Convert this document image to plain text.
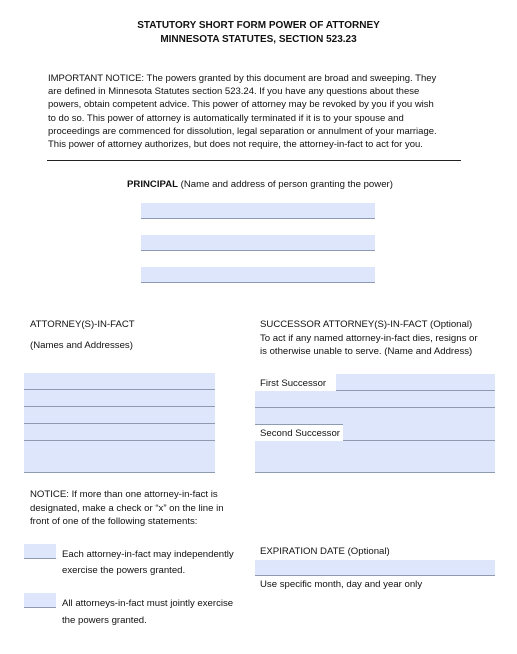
STATUTORY SHORT FORM POWER OF ATTORNEY
MINNESOTA STATUTES, SECTION 523.23
IMPORTANT NOTICE: The powers granted by this document are broad and sweeping. They
are defined in Minnesota Statutes section 523.24. If you have any questions about these
powers, obtain competent advice. This power of attorney may be revoked by you if you wish
to do so. This power of attorney is automatically terminated if it is to your spouse and
proceedings are commenced for dissolution, legal separation or annulment of your marriage.
This power of attorney authorizes, but does not require, the attorney-in-fact to act for you.
PRINCIPAL (Name and address of person granting the power)
ATTORNEY(S)-IN-FACT
(Names and Addresses)
SUCCESSOR ATTORNEY(S)-IN-FACT (Optional)
To act if any named attorney-in-fact dies, resigns or
is otherwise unable to serve. (Name and Address)
First Successor
Second Successor
NOTICE: If more than one attorney-in-fact is
designated, make a check or “x” on the line in
front of one of the following statements:
Each attorney-in-fact may independently
exercise the powers granted.
All attorneys-in-fact must jointly exercise
the powers granted.
EXPIRATION DATE (Optional)
Use specific month, day and year only
